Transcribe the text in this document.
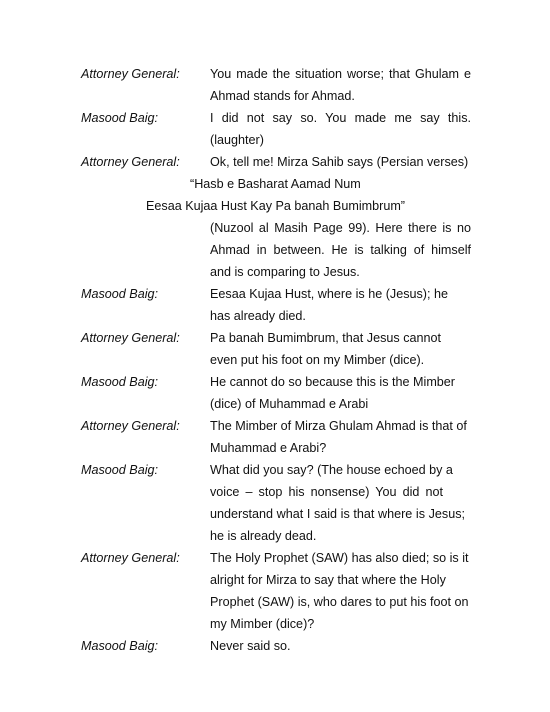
Attorney General: You made the situation worse; that Ghulam e
Ahmad stands for Ahmad.
Masood Baig:	I did not say so. You made me say this.
(laughter)
Attorney General: Ok, tell me! Mirza Sahib says (Persian verses)
“Hasb e Basharat Aamad Num
Eesaa Kujaa Hust Kay Pa banah Bumimbrum”
(Nuzool al Masih Page 99). Here there is no
Ahmad in between. He is talking of himself
and is comparing to Jesus.
Masood Baig:	Eesaa Kujaa Hust, where is he (Jesus); he
has already died.
Attorney General: Pa banah Bumimbrum, that Jesus cannot
even put his foot on my Mimber (dice).
Masood Baig:	He cannot do so because this is the Mimber
(dice) of Muhammad e Arabi
Attorney General: The Mimber of Mirza Ghulam Ahmad is that of
Muhammad e Arabi?
Masood Baig:	What did you say? (The house echoed by a
voice – stop his nonsense) You did not
understand what I said is that where is Jesus;
he is already dead.
Attorney General: The Holy Prophet (SAW) has also died; so is it
alright for Mirza to say that where the Holy
Prophet (SAW) is, who dares to put his foot on
my Mimber (dice)?
Masood Baig:	Never said so.
